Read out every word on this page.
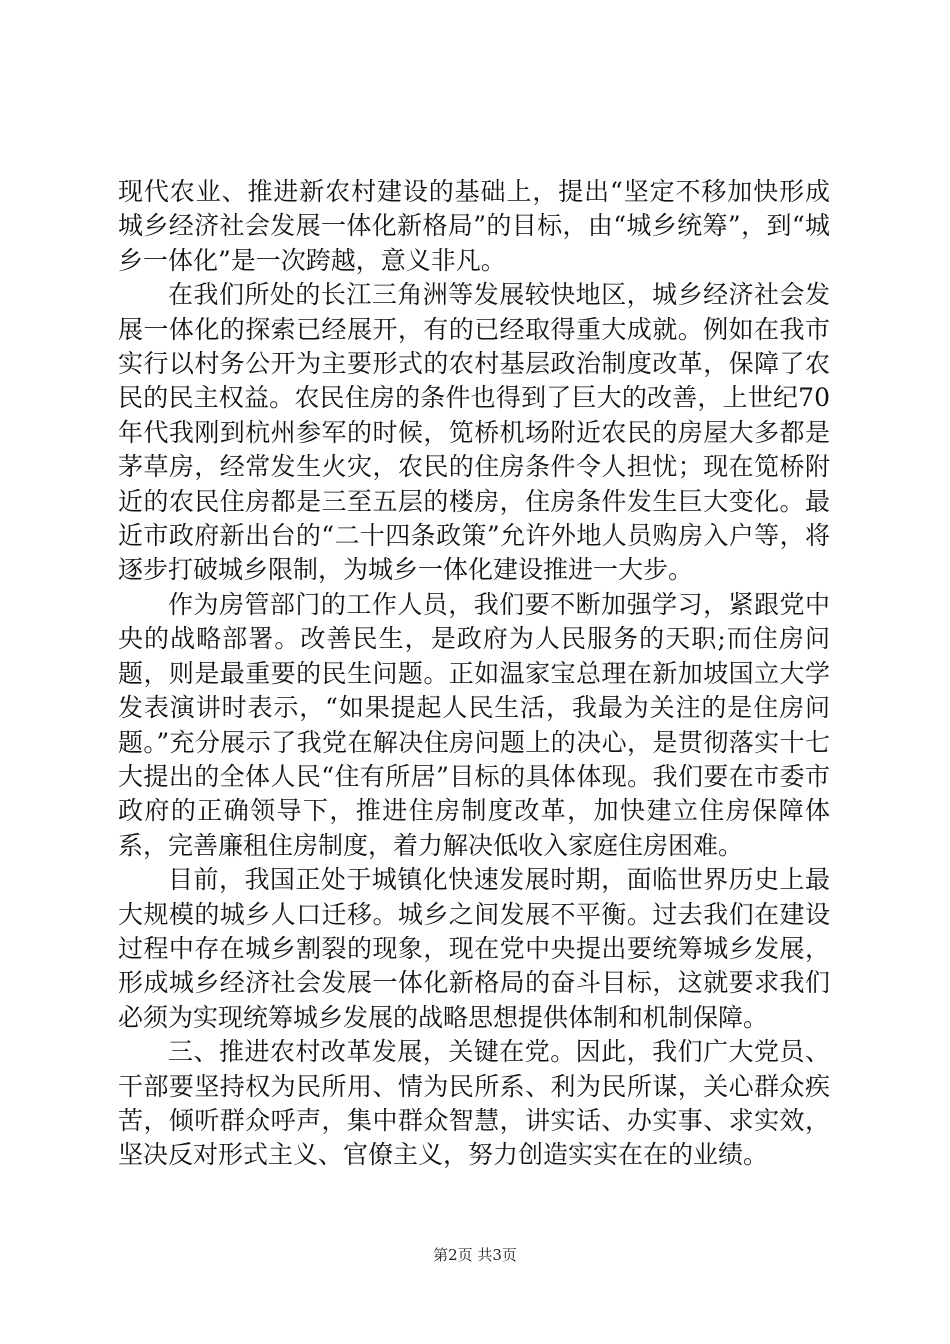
现代农业、推进新农村建设的基础上，提出“坚定不移加快形成城乡经济社会发展一体化新格局”的目标，由“城乡统筹”，到“城乡一体化”是一次跨越，意义非凡。

在我们所处的长江三角洲等发展较快地区，城乡经济社会发展一体化的探索已经展开，有的已经取得重大成就。例如在我市实行以村务公开为主要形式的农村基层政治制度改革，保障了农民的民主权益。农民住房的条件也得到了巨大的改善，上世纪70年代我刚到杭州参军的时候，笕桥机场附近农民的房屋大多都是茅草房，经常发生火灾，农民的住房条件令人担忧；现在笕桥附近的农民住房都是三至五层的楼房，住房条件发生巨大变化。最近市政府新出台的“二十四条政策”允许外地人员购房入户等，将逐步打破城乡限制，为城乡一体化建设推进一大步。

作为房管部门的工作人员，我们要不断加强学习，紧跟党中央的战略部署。改善民生，是政府为人民服务的天职;而住房问题，则是最重要的民生问题。正如温家宝总理在新加坡国立大学发表演讲时表示，“如果提起人民生活，我最为关注的是住房问题。”充分展示了我党在解决住房问题上的决心，是贯彻落实十七大提出的全体人民“住有所居”目标的具体体现。我们要在市委市政府的正确领导下，推进住房制度改革，加快建立住房保障体系，完善廉租住房制度，着力解决低收入家庭住房困难。

目前，我国正处于城镇化快速发展时期，面临世界历史上最大规模的城乡人口迁移。城乡之间发展不平衡。过去我们在建设过程中存在城乡割裂的现象，现在党中央提出要统筹城乡发展，形成城乡经济社会发展一体化新格局的奋斗目标，这就要求我们必须为实现统筹城乡发展的战略思想提供体制和机制保障。

三、推进农村改革发展，关键在党。因此，我们广大党员、干部要坚持权为民所用、情为民所系、利为民所谋，关心群众疾苦，倾听群众呼声，集中群众智慧，讲实话、办实事、求实效，坚决反对形式主义、官僚主义，努力创造实实在在的业绩。

第2页 共3页
